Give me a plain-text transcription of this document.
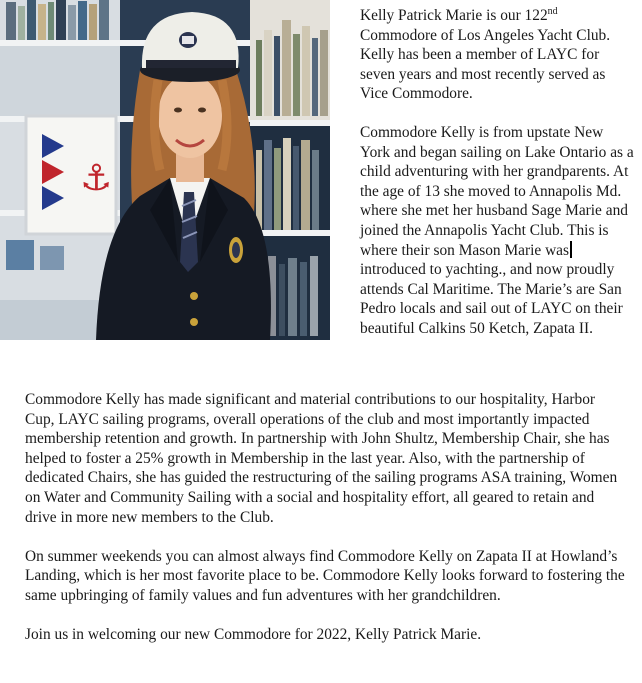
⚓

Kelly Patrick Marie is our 122nd Commodore of Los Angeles Yacht Club. Kelly has been a member of LAYC for seven years and most recently served as Vice Commodore.

Commodore Kelly is from upstate New York and began sailing on Lake Ontario as a child adventuring with her grandparents. At the age of 13 she moved to Annapolis Md. where she met her husband Sage Marie and joined the Annapolis Yacht Club. This is where their son Mason Marie was introduced to yachting., and now proudly attends Cal Maritime. The Marie’s are San Pedro locals and sail out of LAYC on their beautiful Calkins 50 Ketch, Zapata II.

Commodore Kelly has made significant and material contributions to our hospitality, Harbor Cup, LAYC sailing programs, overall operations of the club and most importantly impacted membership retention and growth. In partnership with John Shultz, Membership Chair, she has helped to foster a 25% growth in Membership in the last year. Also, with the partnership of dedicated Chairs, she has guided the restructuring of the sailing programs ASA training, Women on Water and Community Sailing with a social and hospitality effort, all geared to retain and drive in more new members to the Club.

On summer weekends you can almost always find Commodore Kelly on Zapata II at Howland’s Landing, which is her most favorite place to be. Commodore Kelly looks forward to fostering the same upbringing of family values and fun adventures with her grandchildren.

Join us in welcoming our new Commodore for 2022, Kelly Patrick Marie.
